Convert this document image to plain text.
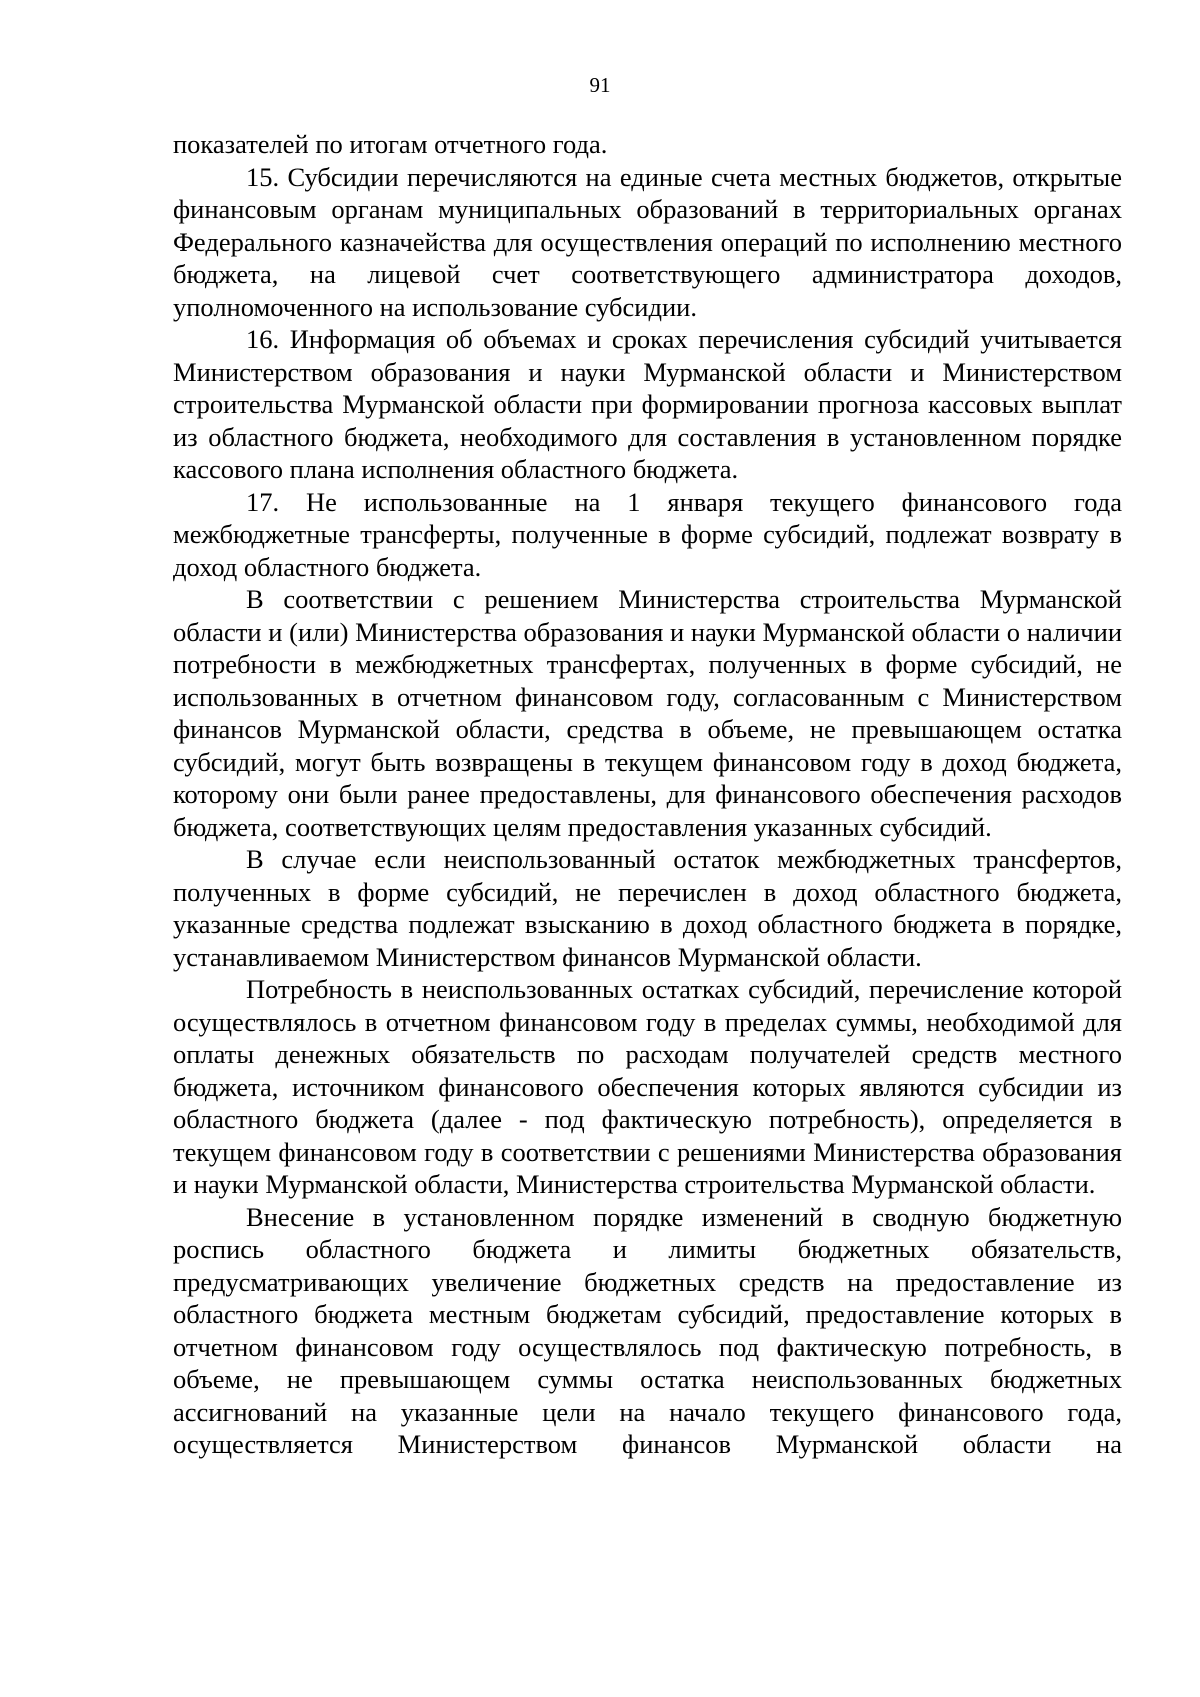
91

показателей по итогам отчетного года.

15. Субсидии перечисляются на единые счета местных бюджетов, открытые финансовым органам муниципальных образований в территориальных органах Федерального казначейства для осуществления операций по исполнению местного бюджета, на лицевой счет соответствующего администратора доходов, уполномоченного на использование субсидии.

16. Информация об объемах и сроках перечисления субсидий учитывается Министерством образования и науки Мурманской области и Министерством строительства Мурманской области при формировании прогноза кассовых выплат из областного бюджета, необходимого для составления в установленном порядке кассового плана исполнения областного бюджета.

17. Не использованные на 1 января текущего финансового года межбюджетные трансферты, полученные в форме субсидий, подлежат возврату в доход областного бюджета.

В соответствии с решением Министерства строительства Мурманской области и (или) Министерства образования и науки Мурманской области о наличии потребности в межбюджетных трансфертах, полученных в форме субсидий, не использованных в отчетном финансовом году, согласованным с Министерством финансов Мурманской области, средства в объеме, не превышающем остатка субсидий, могут быть возвращены в текущем финансовом году в доход бюджета, которому они были ранее предоставлены, для финансового обеспечения расходов бюджета, соответствующих целям предоставления указанных субсидий.

В случае если неиспользованный остаток межбюджетных трансфертов, полученных в форме субсидий, не перечислен в доход областного бюджета, указанные средства подлежат взысканию в доход областного бюджета в порядке, устанавливаемом Министерством финансов Мурманской области.

Потребность в неиспользованных остатках субсидий, перечисление которой осуществлялось в отчетном финансовом году в пределах суммы, необходимой для оплаты денежных обязательств по расходам получателей средств местного бюджета, источником финансового обеспечения которых являются субсидии из областного бюджета (далее - под фактическую потребность), определяется в текущем финансовом году в соответствии с решениями Министерства образования и науки Мурманской области, Министерства строительства Мурманской области.

Внесение в установленном порядке изменений в сводную бюджетную роспись областного бюджета и лимиты бюджетных обязательств, предусматривающих увеличение бюджетных средств на предоставление из областного бюджета местным бюджетам субсидий, предоставление которых в отчетном финансовом году осуществлялось под фактическую потребность, в объеме, не превышающем суммы остатка неиспользованных бюджетных ассигнований на указанные цели на начало текущего финансового года, осуществляется Министерством финансов Мурманской области на
